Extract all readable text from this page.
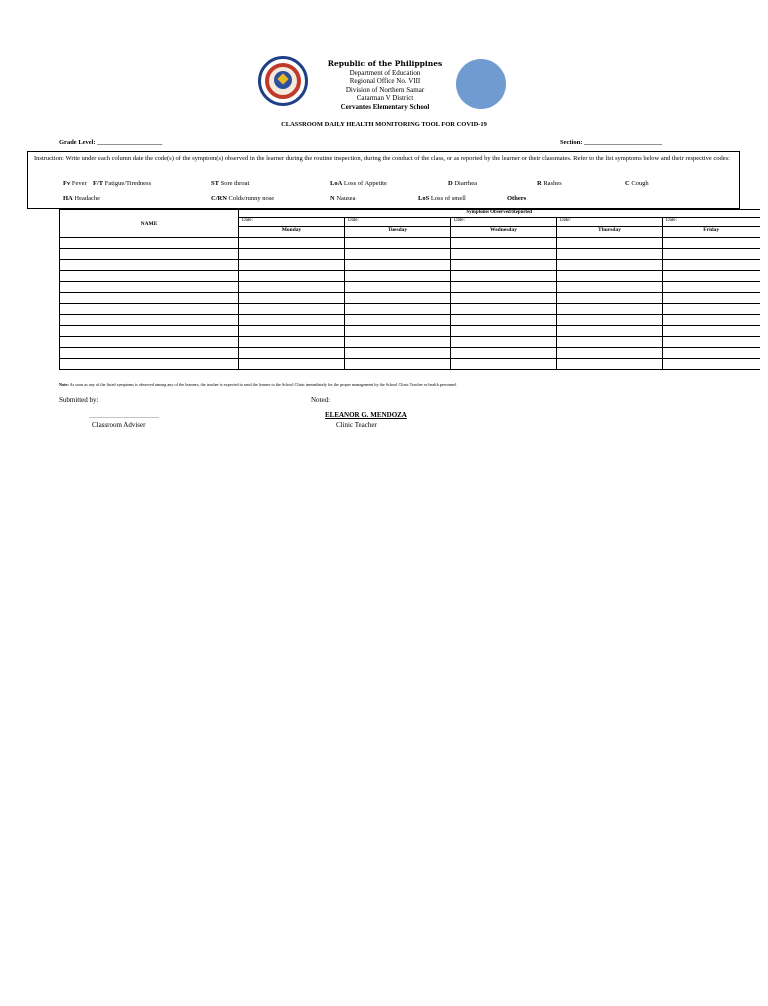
Republic of the Philippines
Department of Education
Regional Office No. VIII
Division of Northern Samar
Catarman V District
Cervantes Elementary School
CLASSROOM DAILY HEALTH MONITORING TOOL FOR COVID-19
Grade Level: ____________________	Section: ________________________
Instruction: Write under each column date the code(s) of the symptom(s) observed in the learner during the routine inspection, during the conduct of the class, or as reported by the learner or their classmates. Refer to the list symptoms below and their respective codes:
Fv Fever F/T Fatigue/Tiredness	ST Sore throat	LoA Loss of Appetite	D Diarrhea	R Rashes	C Cough
HA Headache	C/RN Colds/runny nose	N Nausea	LoS Loss of smell	Others
NAME	Symptoms Observed/Reported				
	Date:	Date:	Date:	Date:	Date:
	Monday	Tuesday	Wednesday	Thursday	Friday

Note: As soon as any of the listed symptoms is observed among any of the learners, the teacher is expected to send the learner to the School Clinic immediately for the proper management by the School Clinic Teacher or health personnel.
Submitted by:
____________________
Classroom Adviser
Noted:
ELEANOR G. MENDOZA
Clinic Teacher
